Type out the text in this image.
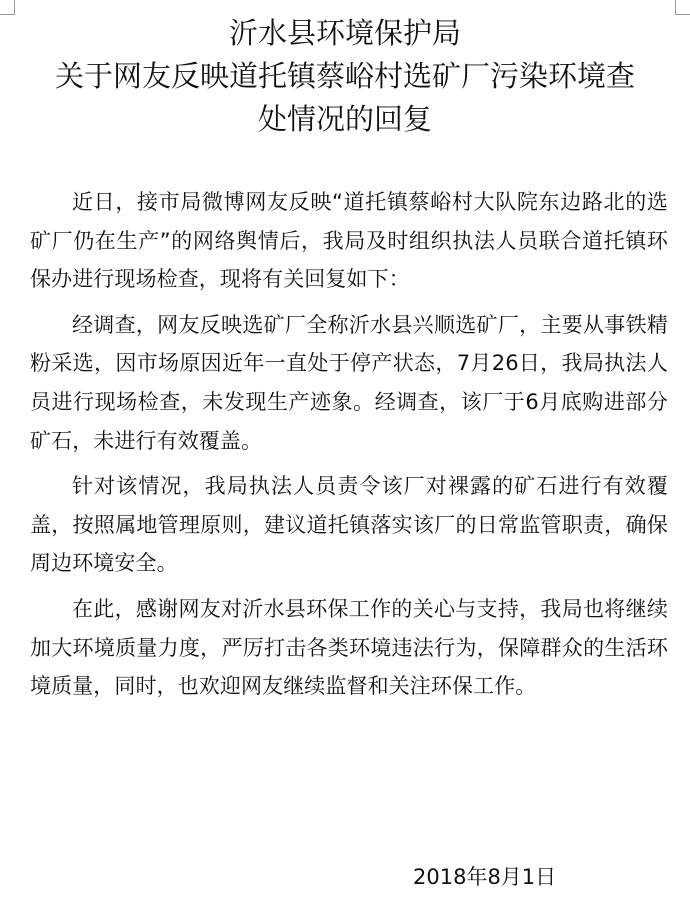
沂水县环境保护局
关于网友反映道托镇蔡峪村选矿厂污染环境查
处情况的回复

近日，接市局微博网友反映“道托镇蔡峪村大队院东边路北的选矿厂仍在生产”的网络舆情后，我局及时组织执法人员联合道托镇环保办进行现场检查，现将有关回复如下：

经调查，网友反映选矿厂全称沂水县兴顺选矿厂，主要从事铁精粉采选，因市场原因近年一直处于停产状态，7月26日，我局执法人员进行现场检查，未发现生产迹象。经调查，该厂于6月底购进部分矿石，未进行有效覆盖。

针对该情况，我局执法人员责令该厂对裸露的矿石进行有效覆盖，按照属地管理原则，建议道托镇落实该厂的日常监管职责，确保周边环境安全。

在此，感谢网友对沂水县环保工作的关心与支持，我局也将继续加大环境质量力度，严厉打击各类环境违法行为，保障群众的生活环境质量，同时，也欢迎网友继续监督和关注环保工作。

2018年8月1日
